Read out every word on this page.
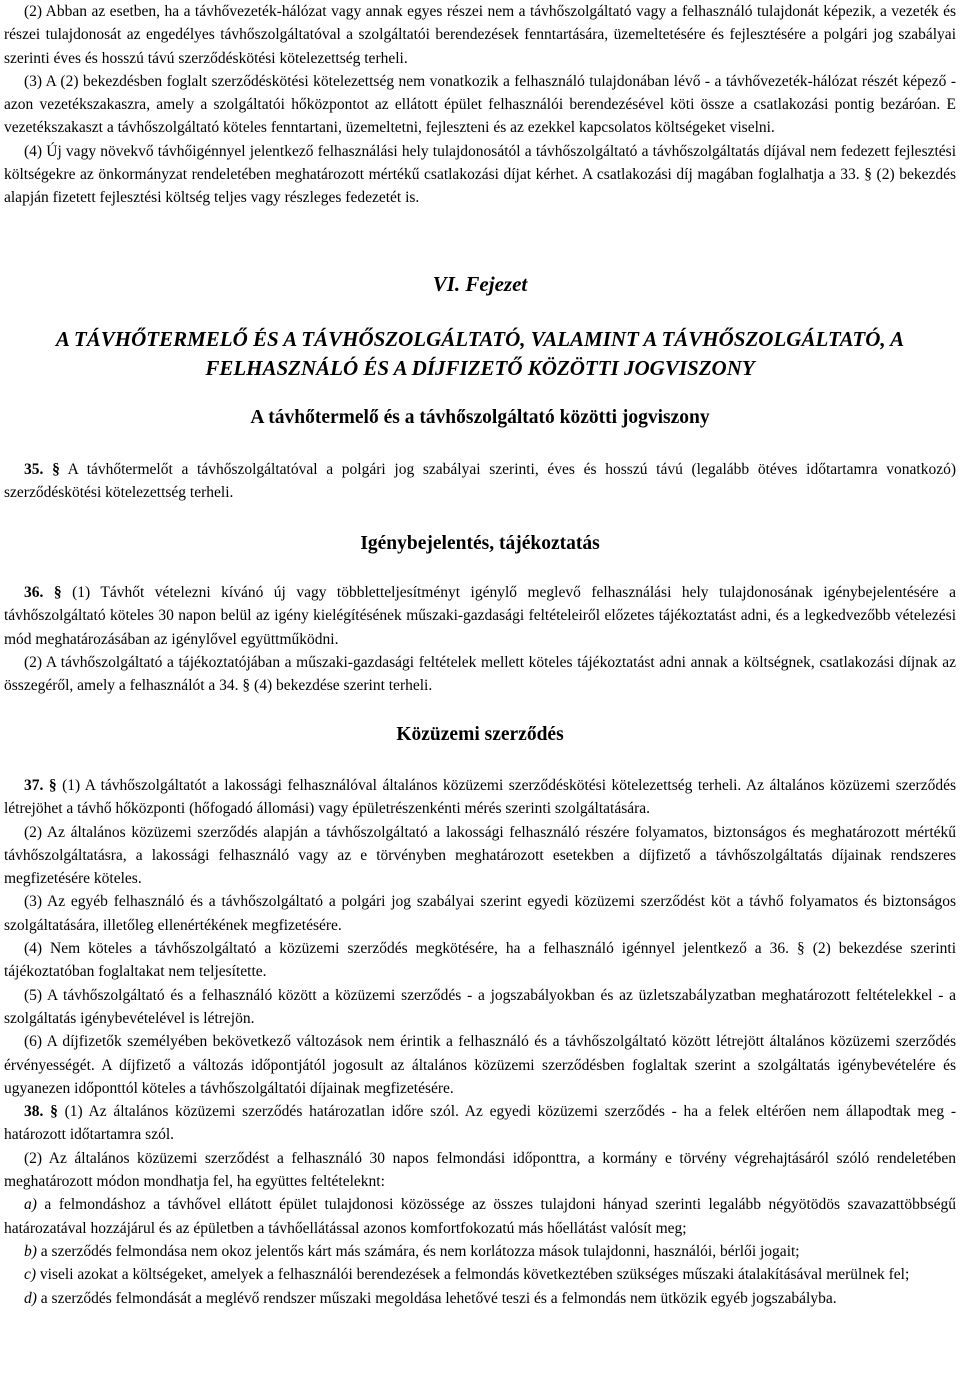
(2) Abban az esetben, ha a távhővezeték-hálózat vagy annak egyes részei nem a távhőszolgáltató vagy a felhasználó tulajdonát képezik, a vezeték és részei tulajdonosát az engedélyes távhőszolgáltatóval a szolgáltatói berendezések fenntartására, üzemeltetésére és fejlesztésére a polgári jog szabályai szerinti éves és hosszú távú szerződéskötési kötelezettség terheli.

(3) A (2) bekezdésben foglalt szerződéskötési kötelezettség nem vonatkozik a felhasználó tulajdonában lévő - a távhővezeték-hálózat részét képező - azon vezetékszakaszra, amely a szolgáltatói hőközpontot az ellátott épület felhasználói berendezésével köti össze a csatlakozási pontig bezáróan. E vezetékszakaszt a távhőszolgáltató köteles fenntartani, üzemeltetni, fejleszteni és az ezekkel kapcsolatos költségeket viselni.

(4) Új vagy növekvő távhőigénnyel jelentkező felhasználási hely tulajdonosától a távhőszolgáltató a távhőszolgáltatás díjával nem fedezett fejlesztési költségekre az önkormányzat rendeletében meghatározott mértékű csatlakozási díjat kérhet. A csatlakozási díj magában foglalhatja a 33. § (2) bekezdés alapján fizetett fejlesztési költség teljes vagy részleges fedezetét is.

VI. Fejezet
A TÁVHŐTERMELŐ ÉS A TÁVHŐSZOLGÁLTATÓ, VALAMINT A TÁVHŐSZOLGÁLTATÓ, A FELHASZNÁLÓ ÉS A DÍJFIZETŐ KÖZÖTTI JOGVISZONY
A távhőtermelő és a távhőszolgáltató közötti jogviszony

35. § A távhőtermelőt a távhőszolgáltatóval a polgári jog szabályai szerinti, éves és hosszú távú (legalább ötéves időtartamra vonatkozó) szerződéskötési kötelezettség terheli.

Igénybejelentés, tájékoztatás

36. § (1) Távhőt vételezni kívánó új vagy többletteljesítményt igénylő meglevő felhasználási hely tulajdonosának igénybejelentésére a távhőszolgáltató köteles 30 napon belül az igény kielégítésének műszaki-gazdasági feltételeiről előzetes tájékoztatást adni, és a legkedvezőbb vételezési mód meghatározásában az igénylővel együttműködni.

(2) A távhőszolgáltató a tájékoztatójában a műszaki-gazdasági feltételek mellett köteles tájékoztatást adni annak a költségnek, csatlakozási díjnak az összegéről, amely a felhasználót a 34. § (4) bekezdése szerint terheli.

Közüzemi szerződés

37. § (1) A távhőszolgáltatót a lakossági felhasználóval általános közüzemi szerződéskötési kötelezettség terheli. Az általános közüzemi szerződés létrejöhet a távhő hőközponti (hőfogadó állomási) vagy épületrészenkénti mérés szerinti szolgáltatására.

(2) Az általános közüzemi szerződés alapján a távhőszolgáltató a lakossági felhasználó részére folyamatos, biztonságos és meghatározott mértékű távhőszolgáltatásra, a lakossági felhasználó vagy az e törvényben meghatározott esetekben a díjfizető a távhőszolgáltatás díjainak rendszeres megfizetésére köteles.

(3) Az egyéb felhasználó és a távhőszolgáltató a polgári jog szabályai szerint egyedi közüzemi szerződést köt a távhő folyamatos és biztonságos szolgáltatására, illetőleg ellenértékének megfizetésére.

(4) Nem köteles a távhőszolgáltató a közüzemi szerződés megkötésére, ha a felhasználó igénnyel jelentkező a 36. § (2) bekezdése szerinti tájékoztatóban foglaltakat nem teljesítette.

(5) A távhőszolgáltató és a felhasználó között a közüzemi szerződés - a jogszabályokban és az üzletszabályzatban meghatározott feltételekkel - a szolgáltatás igénybevételével is létrejön.

(6) A díjfizetők személyében bekövetkező változások nem érintik a felhasználó és a távhőszolgáltató között létrejött általános közüzemi szerződés érvényességét. A díjfizető a változás időpontjától jogosult az általános közüzemi szerződésben foglaltak szerint a szolgáltatás igénybevételére és ugyanezen időponttól köteles a távhőszolgáltatói díjainak megfizetésére.

38. § (1) Az általános közüzemi szerződés határozatlan időre szól. Az egyedi közüzemi szerződés - ha a felek eltérően nem állapodtak meg - határozott időtartamra szól.

(2) Az általános közüzemi szerződést a felhasználó 30 napos felmondási időponttra, a kormány e törvény végrehajtásáról szóló rendeletében meghatározott módon mondhatja fel, ha együttes feltételeknt:

a) a felmondáshoz a távhővel ellátott épület tulajdonosi közössége az összes tulajdoni hányad szerinti legalább négyötödös szavazattöbbségű határozatával hozzájárul és az épületben a távhőellátással azonos komfortfokozatú más hőellátást valósít meg;

b) a szerződés felmondása nem okoz jelentős kárt más számára, és nem korlátozza mások tulajdonni, használói, bérlői jogait;

c) viseli azokat a költségeket, amelyek a felhasználói berendezések a felmondás következtében szükséges műszaki átalakításával merülnek fel;

d) a szerződés felmondását a meglévő rendszer műszaki megoldása lehetővé teszi és a felmondás nem ütközik egyéb jogszabályba.
